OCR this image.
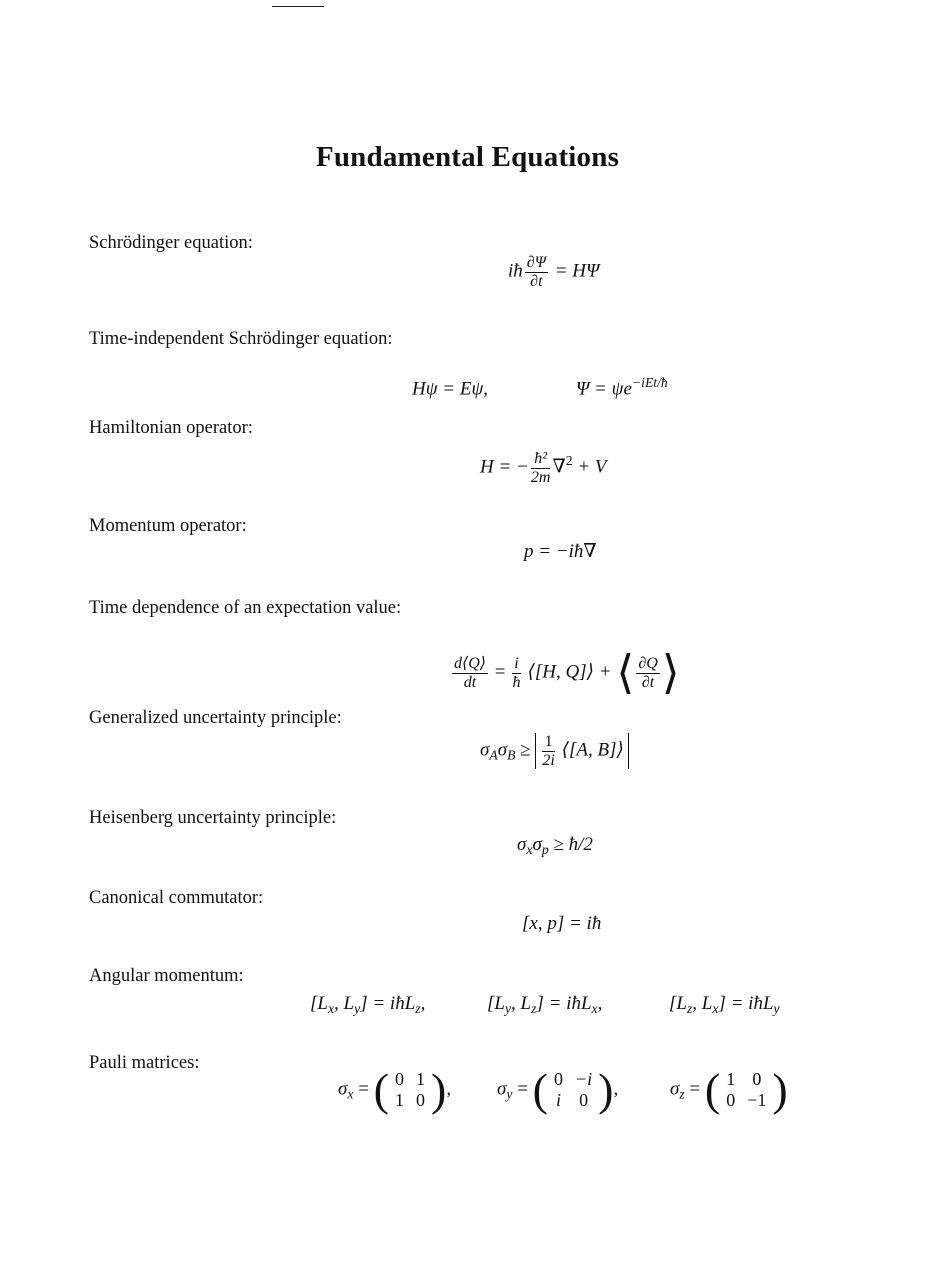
Fundamental Equations
Schrödinger equation:
Time-independent Schrödinger equation:
Hamiltonian operator:
Momentum operator:
Time dependence of an expectation value:
Generalized uncertainty principle:
Heisenberg uncertainty principle:
Canonical commutator:
Angular momentum:
Pauli matrices:
iħ $\frac{\partial\Psi}{\partial t} = H\Psi$
Hψ = Eψ,	$\Psi = \psi e^{-iEt/ħ}$
H = − $\frac{\text{ħ²}}{2m} \nabla^2 + V$
p = −iħ∇
$\frac{d⟨Q⟩}{dt} = \frac{i}{ħ}$ ⟨[H, Q]⟩ + ⟨ $\frac{\partial Q}{\partial t}$ ⟩
$\sigma_A\sigma_B \ge \frac{1}{2i}$ ⟨[A, B]⟩
$\sigma_x\sigma_p$ ≥ ħ/2
[x, p] = iħ
[$L_x$, $L_y$] = iħL$_z$,	[$L_y$, $L_z$] = iħL$_x$,	[$L_z$, $L_x$] = iħL$_y$
$\sigma_x$ = ( 0	1
1	0 ), $\sigma_y$ = ( 0	−i
i	0 ),	$\sigma_z$ = ( 1	0
0	−1 )
